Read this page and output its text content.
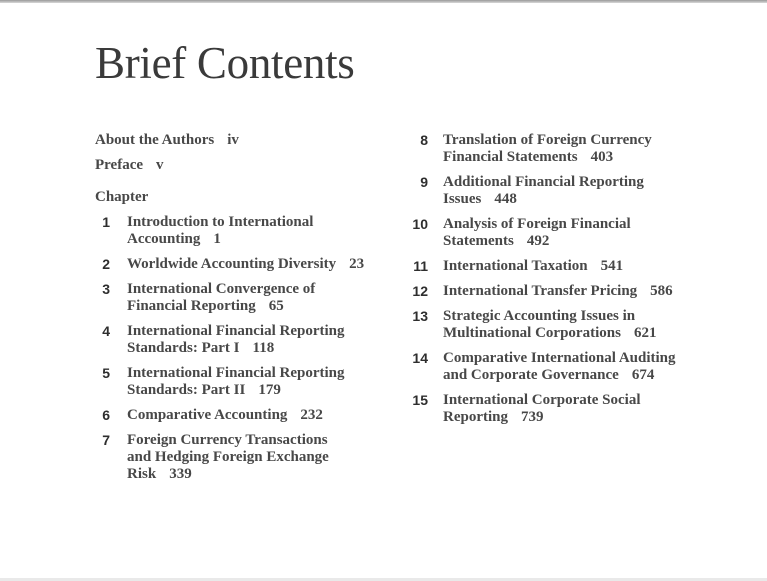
Brief Contents
About the Authors iv
Preface v
Chapter
1 Introduction to International
Accounting 1
2 Worldwide Accounting Diversity 23
3 International Convergence of
Financial Reporting 65
4 International Financial Reporting
Standards: Part I 118
5 International Financial Reporting
Standards: Part II 179
6 Comparative Accounting 232
7 Foreign Currency Transactions
and Hedging Foreign Exchange
Risk 339
8 Translation of Foreign Currency
Financial Statements 403
9 Additional Financial Reporting
Issues 448
10 Analysis of Foreign Financial
Statements 492
11 International Taxation 541
12 International Transfer Pricing 586
13 Strategic Accounting Issues in
Multinational Corporations 621
14 Comparative International Auditing
and Corporate Governance 674
15 International Corporate Social
Reporting 739
